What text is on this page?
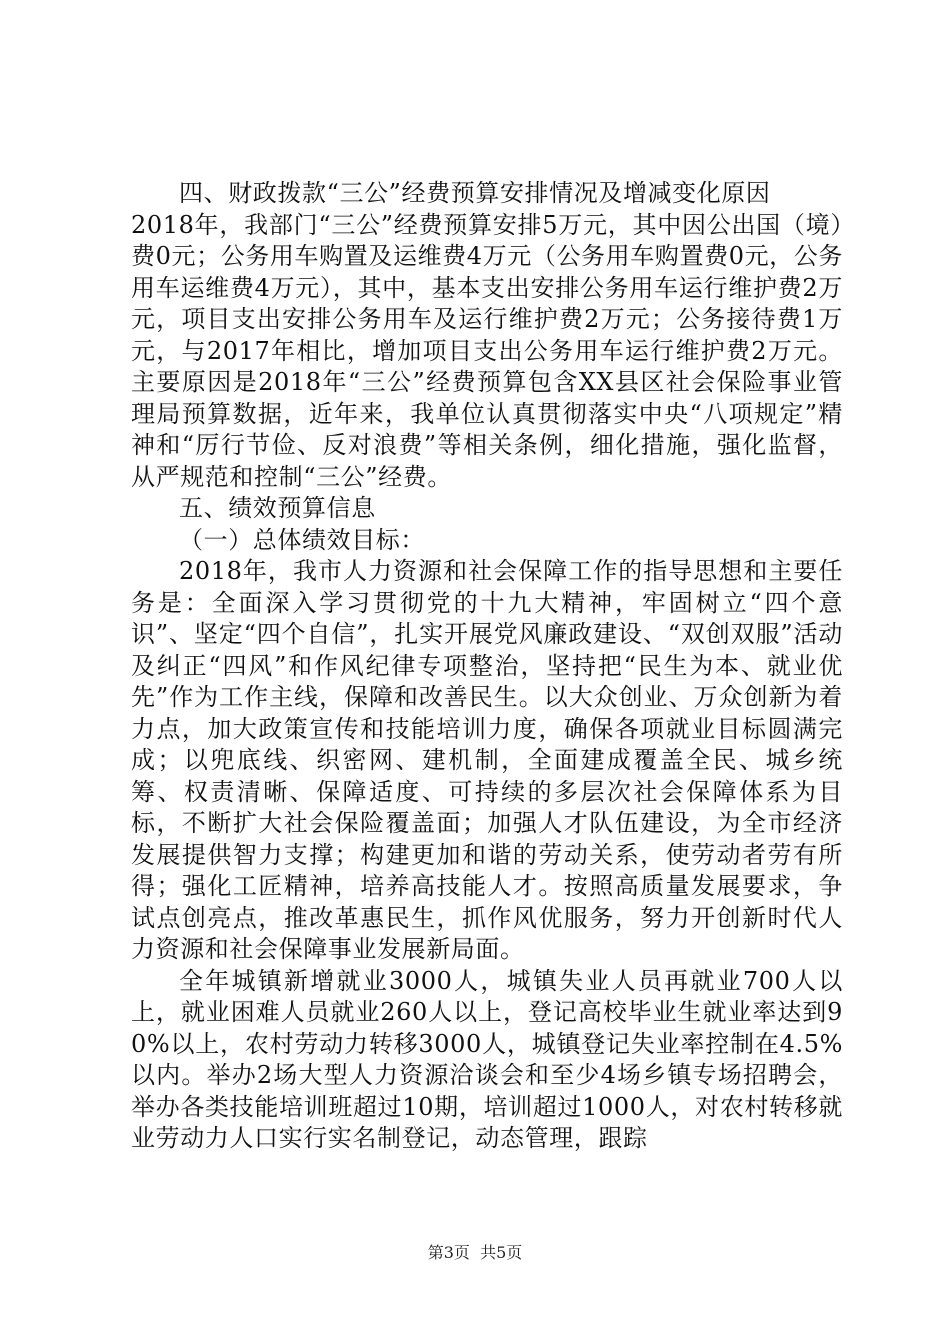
四、财政拨款“三公”经费预算安排情况及增减变化原因

2018年，我部门“三公”经费预算安排5万元，其中因公出国（境）费0元；公务用车购置及运维费4万元（公务用车购置费0元，公务用车运维费4万元），其中，基本支出安排公务用车运行维护费2万元，项目支出安排公务用车及运行维护费2万元；公务接待费1万元，与2017年相比，增加项目支出公务用车运行维护费2万元。主要原因是2018年“三公”经费预算包含XX县区社会保险事业管理局预算数据，近年来，我单位认真贯彻落实中央“八项规定”精神和“厉行节俭、反对浪费”等相关条例，细化措施，强化监督，从严规范和控制“三公”经费。

五、绩效预算信息

（一）总体绩效目标：

2018年，我市人力资源和社会保障工作的指导思想和主要任务是：全面深入学习贯彻党的十九大精神，牢固树立“四个意识”、坚定“四个自信”，扎实开展党风廉政建设、“双创双服”活动及纠正“四风”和作风纪律专项整治，坚持把“民生为本、就业优先”作为工作主线，保障和改善民生。以大众创业、万众创新为着力点，加大政策宣传和技能培训力度，确保各项就业目标圆满完成；以兜底线、织密网、建机制，全面建成覆盖全民、城乡统筹、权责清晰、保障适度、可持续的多层次社会保障体系为目标，不断扩大社会保险覆盖面；加强人才队伍建设，为全市经济发展提供智力支撑；构建更加和谐的劳动关系，使劳动者劳有所得；强化工匠精神，培养高技能人才。按照高质量发展要求，争试点创亮点，推改革惠民生，抓作风优服务，努力开创新时代人力资源和社会保障事业发展新局面。

全年城镇新增就业3000人，城镇失业人员再就业700人以上，就业困难人员就业260人以上，登记高校毕业生就业率达到90%以上，农村劳动力转移3000人，城镇登记失业率控制在4.5%以内。举办2场大型人力资源洽谈会和至少4场乡镇专场招聘会，举办各类技能培训班超过10期，培训超过1000人，对农村转移就业劳动力人口实行实名制登记，动态管理，跟踪

第3页 共5页
